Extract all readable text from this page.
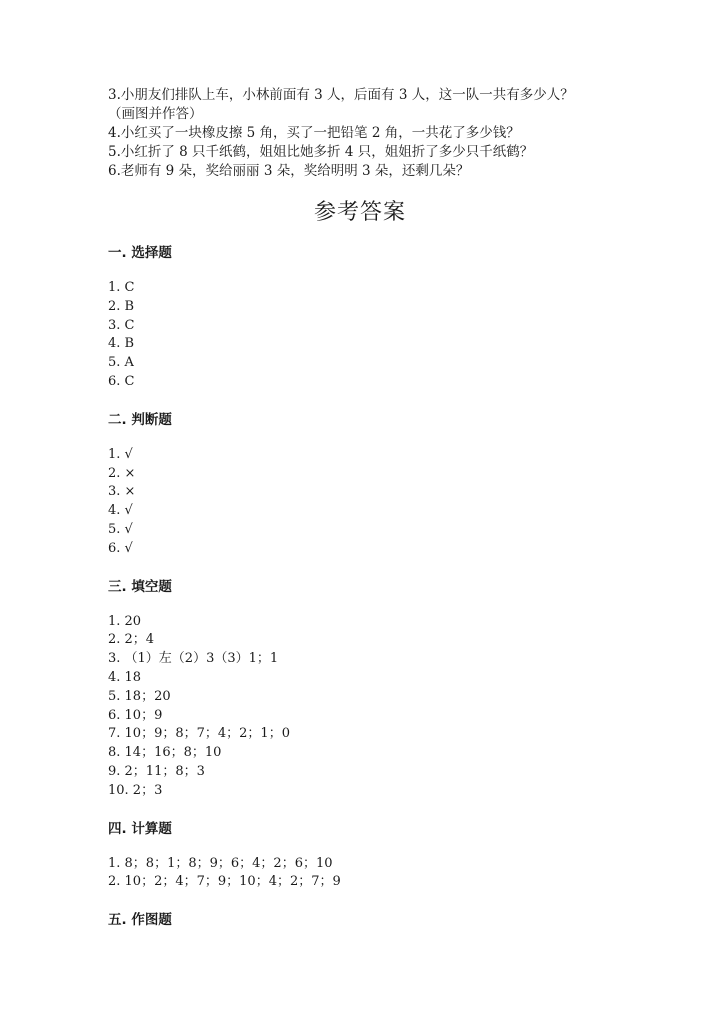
3.小朋友们排队上车，小林前面有 3 人，后面有 3 人，这一队一共有多少人？
（画图并作答）
4.小红买了一块橡皮擦 5 角，买了一把铅笔 2 角，一共花了多少钱？
5.小红折了 8 只千纸鹤，姐姐比她多折 4 只，姐姐折了多少只千纸鹤？
6.老师有 9 朵，奖给丽丽 3 朵，奖给明明 3 朵，还剩几朵？
参考答案
一. 选择题
1. C
2. B
3. C
4. B
5. A
6. C
二. 判断题
1. √
2. ×
3. ×
4. √
5. √
6. √
三. 填空题
1. 20
2. 2；4
3. （1）左（2）3（3）1；1
4. 18
5. 18；20
6. 10；9
7. 10；9；8；7；4；2；1；0
8. 14；16；8；10
9. 2；11；8；3
10. 2；3
四. 计算题
1. 8；8；1；8；9；6；4；2；6；10
2. 10；2；4；7；9；10；4；2；7；9
五. 作图题
